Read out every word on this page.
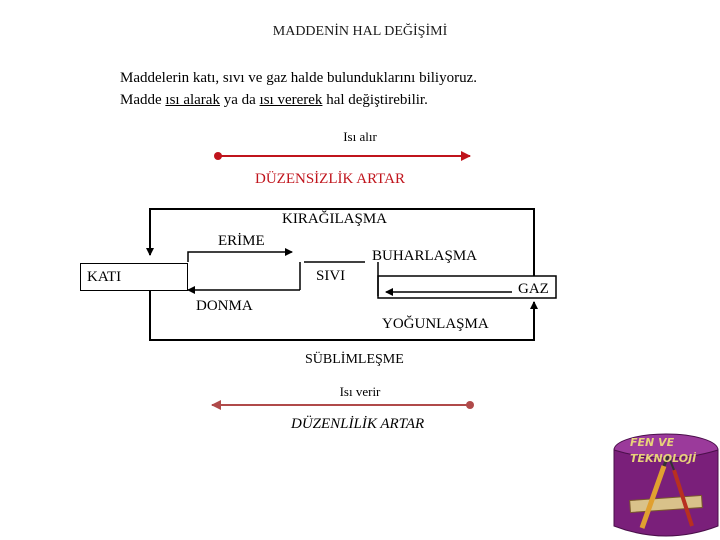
MADDENİN HAL DEĞİŞİMİ
Maddelerin katı, sıvı ve gaz halde bulunduklarını biliyoruz.
Madde ısı alarak ya da ısı vererek hal değiştirebilir.
Isı alır
DÜZENSİZLİK ARTAR
KATI
KIRAĞILAŞMA
ERİME
BUHARLAŞMA
SIVI
GAZ
DONMA
YOĞUNLAŞMA
SÜBLİMLEŞME
Isı verir
DÜZENLİLİK ARTAR
FEN VE
TEKNOLOJİ
